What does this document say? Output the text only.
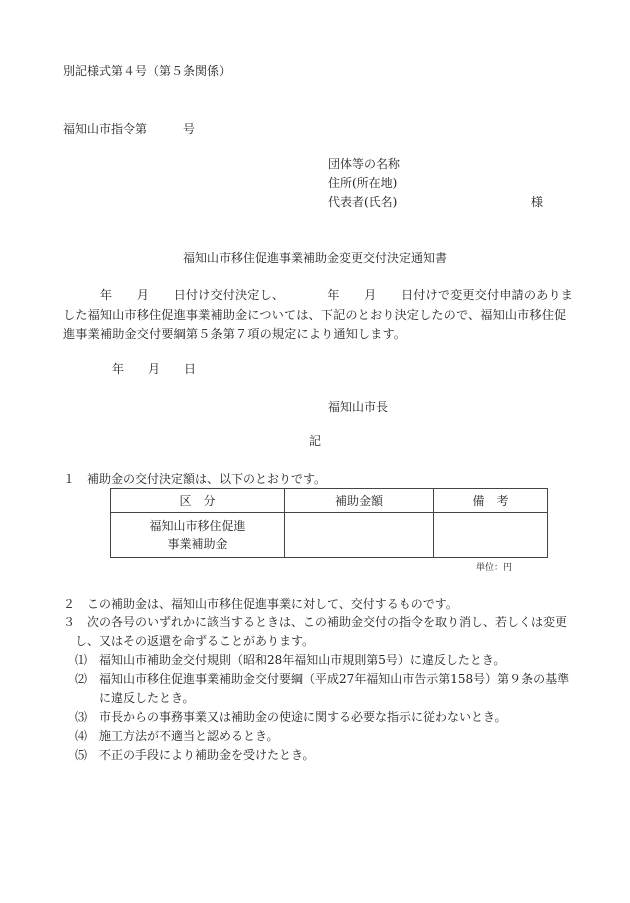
別記様式第４号（第５条関係）
福知山市指令第　　　号
団体等の名称
住所(所在地)
代表者(氏名)	様
福知山市移住促進事業補助金変更交付決定通知書
　　　年　　月　　日付け交付決定し、　　　　年　　月　　日付けで変更交付申請のありました福知山市移住促進事業補助金については、下記のとおり決定したので、福知山市移住促進事業補助金交付要綱第５条第７項の規定により通知します。
年　　月　　日
福知山市長
記
１　補助金の交付決定額は、以下のとおりです。
区　分	補助金額	備　考
福知山市移住促進事業補助金		
単位：円
２　この補助金は、福知山市移住促進事業に対して、交付するものです。
３　次の各号のいずれかに該当するときは、この補助金交付の指令を取り消し、若しくは変更し、又はその返還を命ずることがあります。
⑴　福知山市補助金交付規則（昭和28年福知山市規則第5号）に違反したとき。
⑵　福知山市移住促進事業補助金交付要綱（平成27年福知山市告示第158号）第９条の基準に違反したとき。
⑶　市長からの事務事業又は補助金の使途に関する必要な指示に従わないとき。
⑷　施工方法が不適当と認めるとき。
⑸　不正の手段により補助金を受けたとき。
